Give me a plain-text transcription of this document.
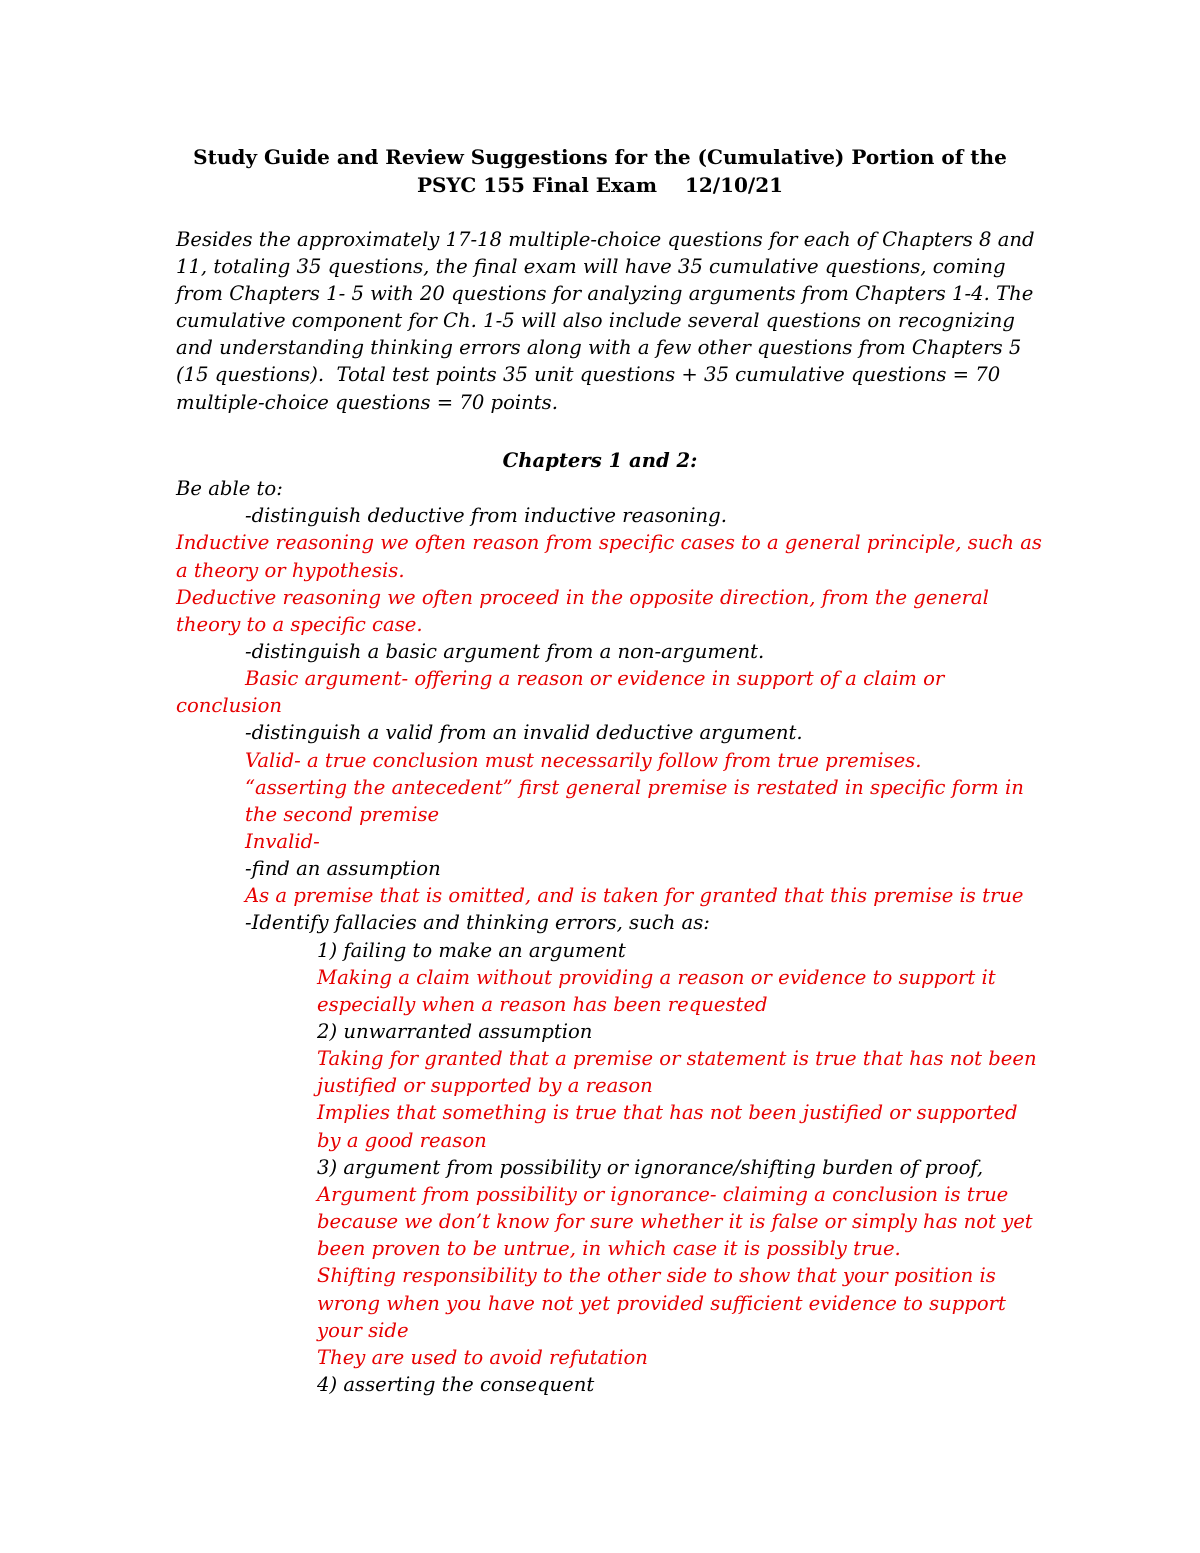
Study Guide and Review Suggestions for the (Cumulative) Portion of the
PSYC 155 Final Exam    12/10/21
Besides the approximately 17-18 multiple-choice questions for each of Chapters 8 and
11, totaling 35 questions, the final exam will have 35 cumulative questions, coming
from Chapters 1- 5 with 20 questions for analyzing arguments from Chapters 1-4. The
cumulative component for Ch. 1-5 will also include several questions on recognizing
and understanding thinking errors along with a few other questions from Chapters 5
(15 questions).  Total test points 35 unit questions + 35 cumulative questions = 70
multiple-choice questions = 70 points.
Chapters 1 and 2:
Be able to:
-distinguish deductive from inductive reasoning.
Inductive reasoning we often reason from specific cases to a general principle, such as
a theory or hypothesis.
Deductive reasoning we often proceed in the opposite direction, from the general
theory to a specific case.
-distinguish a basic argument from a non-argument.
Basic argument- offering a reason or evidence in support of a claim or
conclusion
-distinguish a valid from an invalid deductive argument.
Valid- a true conclusion must necessarily follow from true premises.
“asserting the antecedent” first general premise is restated in specific form in
the second premise
Invalid-
-find an assumption
As a premise that is omitted, and is taken for granted that this premise is true
-Identify fallacies and thinking errors, such as:
1) failing to make an argument
Making a claim without providing a reason or evidence to support it
especially when a reason has been requested
2) unwarranted assumption
Taking for granted that a premise or statement is true that has not been
justified or supported by a reason
Implies that something is true that has not been justified or supported
by a good reason
3) argument from possibility or ignorance/shifting burden of proof,
Argument from possibility or ignorance- claiming a conclusion is true
because we don’t know for sure whether it is false or simply has not yet
been proven to be untrue, in which case it is possibly true.
Shifting responsibility to the other side to show that your position is
wrong when you have not yet provided sufficient evidence to support
your side
They are used to avoid refutation
4) asserting the consequent
